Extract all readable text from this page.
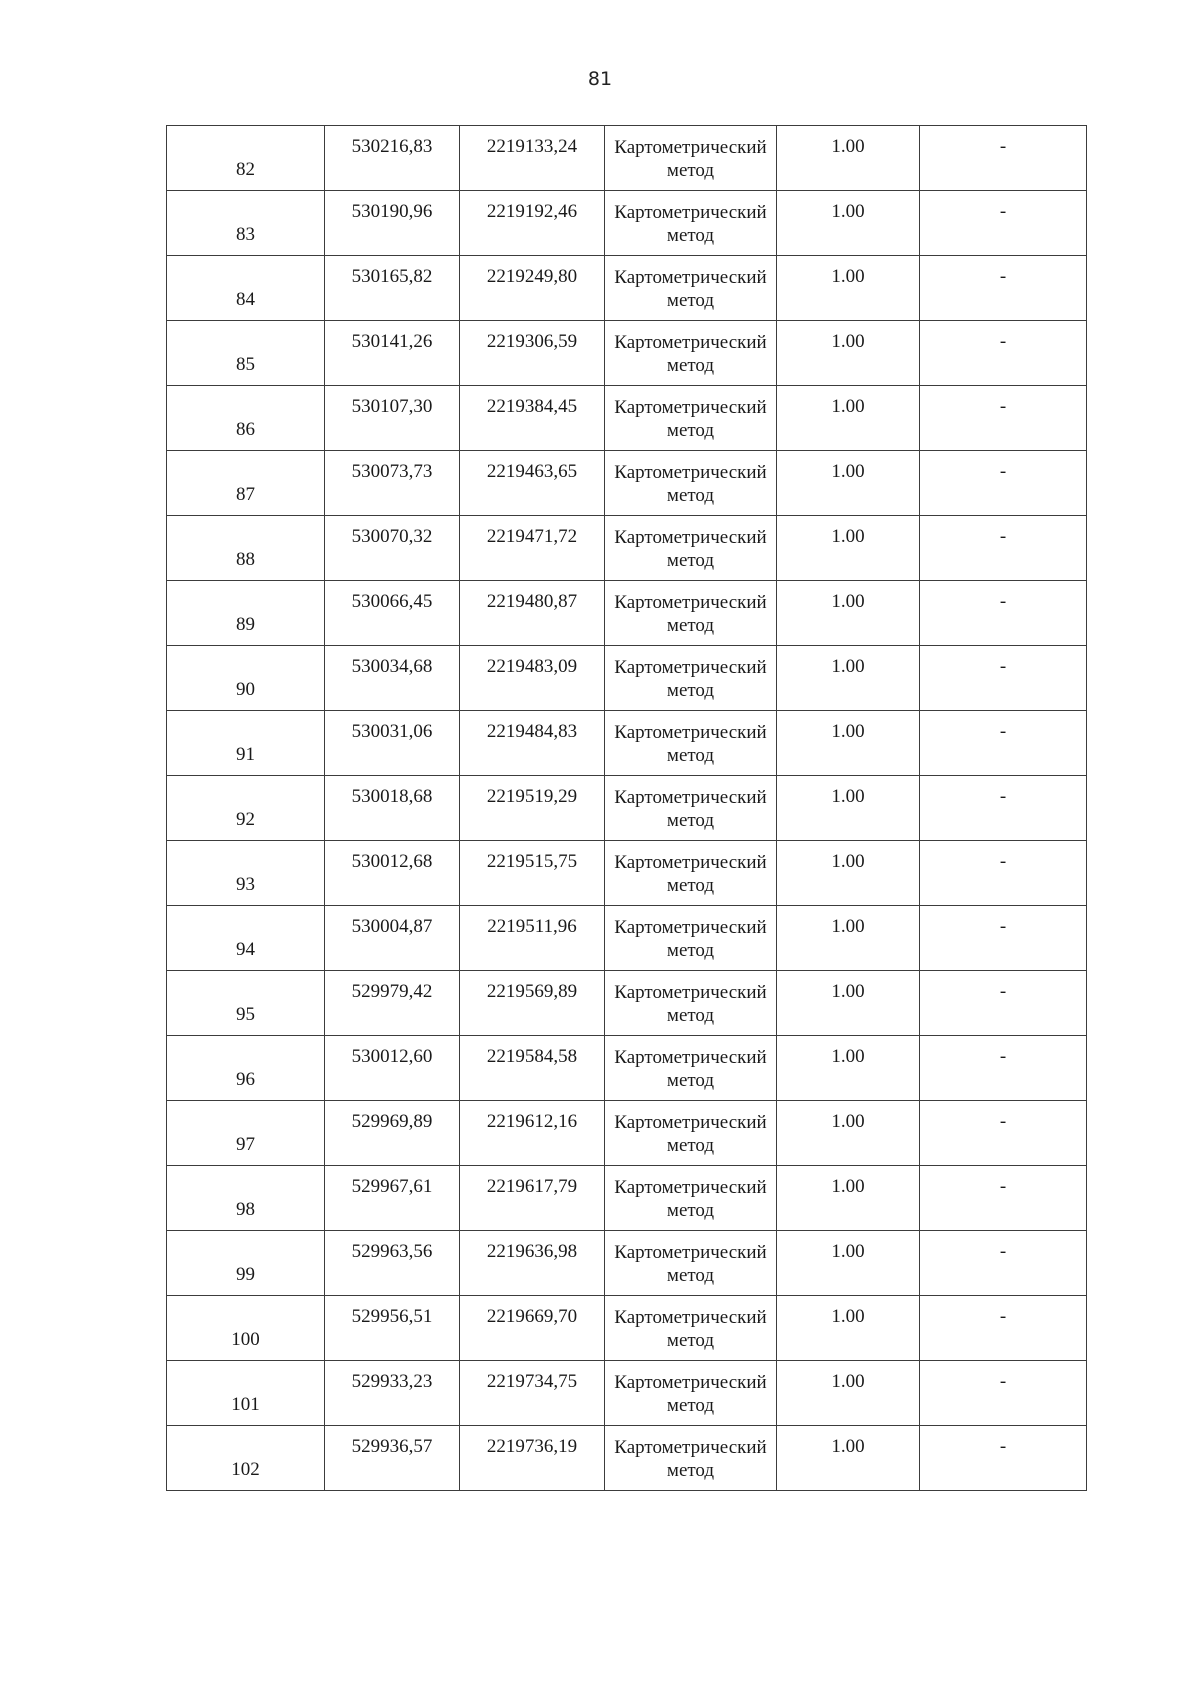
81
82	530216,83	2219133,24	Картометрический метод	1.00	-

83	530190,96	2219192,46	Картометрический метод	1.00	-

84	530165,82	2219249,80	Картометрический метод	1.00	-

85	530141,26	2219306,59	Картометрический метод	1.00	-

86	530107,30	2219384,45	Картометрический метод	1.00	-

87	530073,73	2219463,65	Картометрический метод	1.00	-

88	530070,32	2219471,72	Картометрический метод	1.00	-

89	530066,45	2219480,87	Картометрический метод	1.00	-

90	530034,68	2219483,09	Картометрический метод	1.00	-

91	530031,06	2219484,83	Картометрический метод	1.00	-

92	530018,68	2219519,29	Картометрический метод	1.00	-

93	530012,68	2219515,75	Картометрический метод	1.00	-

94	530004,87	2219511,96	Картометрический метод	1.00	-

95	529979,42	2219569,89	Картометрический метод	1.00	-

96	530012,60	2219584,58	Картометрический метод	1.00	-

97	529969,89	2219612,16	Картометрический метод	1.00	-

98	529967,61	2219617,79	Картометрический метод	1.00	-

99	529963,56	2219636,98	Картометрический метод	1.00	-

100	529956,51	2219669,70	Картометрический метод	1.00	-

101	529933,23	2219734,75	Картометрический метод	1.00	-

102	529936,57	2219736,19	Картометрический метод	1.00	-
